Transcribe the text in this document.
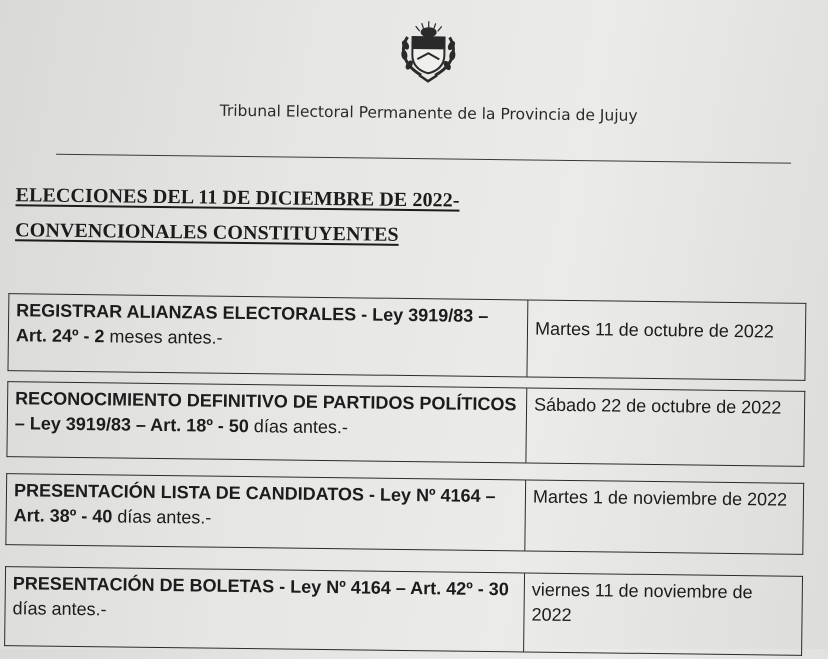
Tribunal Electoral Permanente de la Provincia de Jujuy
ELECCIONES DEL 11 DE DICIEMBRE DE 2022-
CONVENCIONALES CONSTITUYENTES
REGISTRAR ALIANZAS ELECTORALES - Ley 3919/83 – Art. 24º - 2 meses antes.-	Martes 11 de octubre de 2022
RECONOCIMIENTO DEFINITIVO DE PARTIDOS POLÍTICOS – Ley 3919/83 – Art. 18º - 50 días antes.-	Sábado 22 de octubre de 2022
PRESENTACIÓN LISTA DE CANDIDATOS - Ley Nº 4164 – Art. 38º - 40 días antes.-	Martes 1 de noviembre de 2022
PRESENTACIÓN DE BOLETAS - Ley Nº 4164 – Art. 42º - 30 días antes.-	viernes 11 de noviembre de 2022
